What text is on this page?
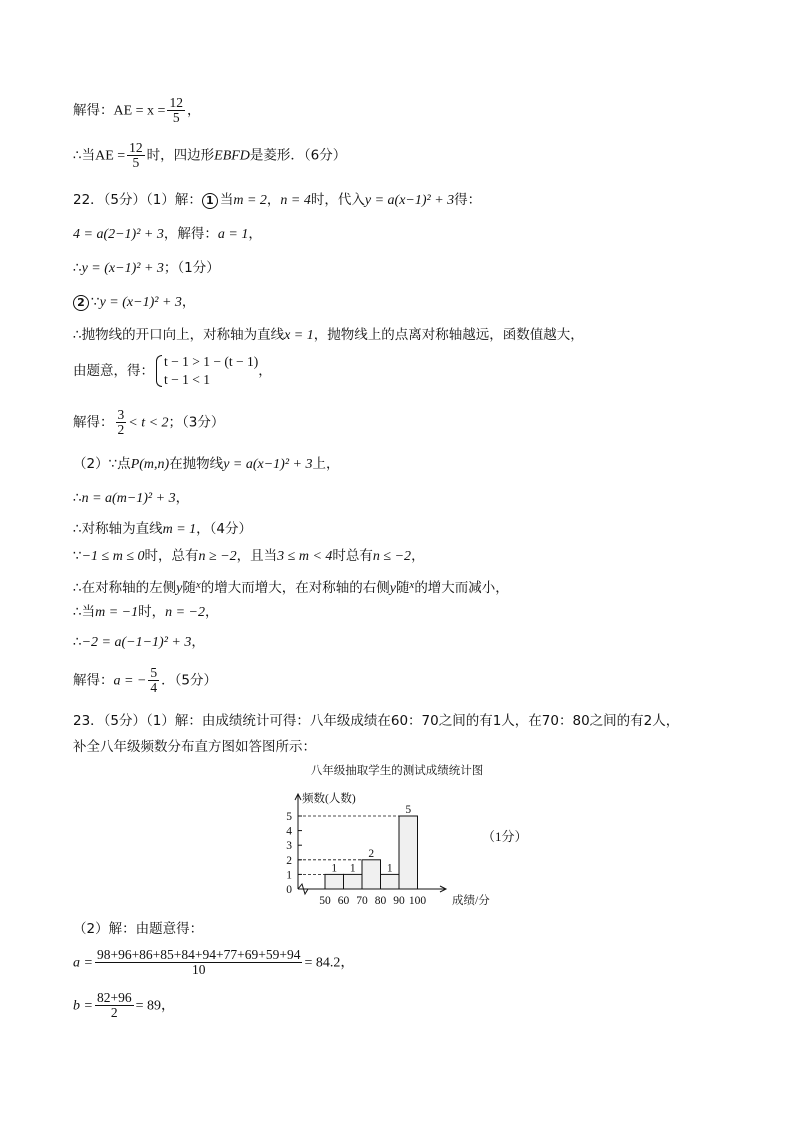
解得：AE = $x = \frac{12}{5}$ ，
∴当AE = $\frac{12}{5}$ 时，四边形EBFD是菱形．（6分）
22．（5分）（1）解： 1 当m = 2，n = 4时，代入y = a(x−1)² + 3得：
4 = a(2−1)² + 3，解得：a = 1，
∴y = (x−1)² + 3；（1分）
2 ∵y = (x−1)² + 3，
∴抛物线的开口向上，对称轴为直线x = 1，抛物线上的点离对称轴越远，函数值越大，
由题意，得：
t − 1 > 1 − (t − 1)
t − 1 < 1
，
解得： $\frac{3}{2} < t < 2$；（3分）
（2）∵点P(m,n)在抛物线y = a(x−1)² + 3上，
∴n = a(m−1)² + 3，
∴对称轴为直线m = 1，（4分）
∵−1 ≤ m ≤ 0时，总有n ≥ −2，且当3 ≤ m < 4时总有n ≤ −2，
∴在对称轴的左侧y随$^x$的增大而增大，在对称轴的右侧y随$^x$的增大而减小，
∴当m = −1时，n = −2，
∴−2 = a(−1−1)² + 3，
解得：a = − $\frac{5}{4}$ ．（5分）
23．（5分）（1）解：由成绩统计可得：八年级成绩在60：70之间的有1人，在70：80之间的有2人，
补全八年级频数分布直方图如答图所示：
八年级抽取学生的测试成绩统计图
（1分）
频数(人数)
成绩/分
0
1
2
3
4
5
1 1
2
1
5
50 60 70 80 90 100
（2）解：由题意得：
$a = \frac{98+96+86+85+84+94+77+69+59+94}{10} = 84.2$，
$b = \frac{82+96}{2} = 89$，
